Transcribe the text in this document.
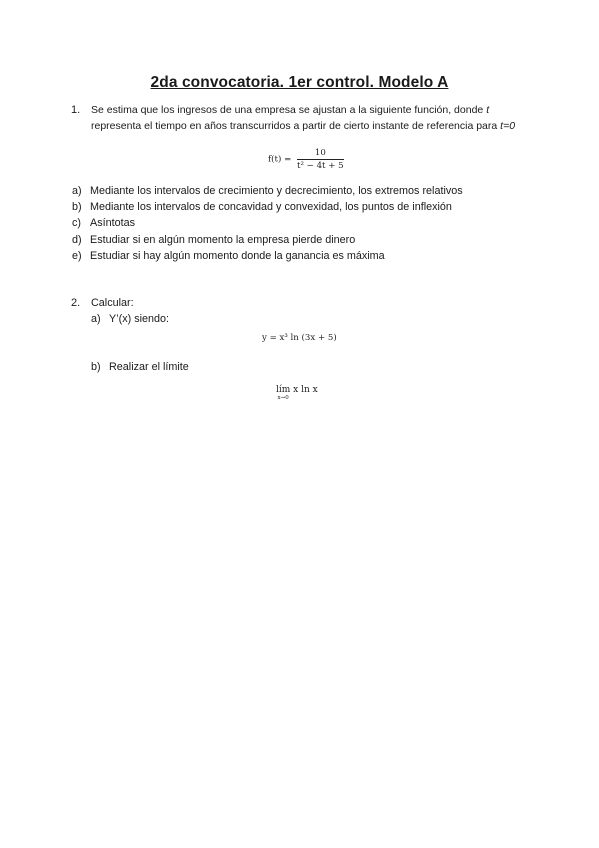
2da convocatoria. 1er control. Modelo A
1. Se estima que los ingresos de una empresa se ajustan a la siguiente función, donde t
representa el tiempo en años transcurridos a partir de cierto instante de referencia para t=0
$f(t) = \frac{10}{\text{t² − 4t + 5}}$
a) Mediante los intervalos de crecimiento y decrecimiento, los extremos relativos
b) Mediante los intervalos de concavidad y convexidad, los puntos de inflexión
c) Asíntotas
d) Estudiar si en algún momento la empresa pierde dinero
e) Estudiar si hay algún momento donde la ganancia es máxima
2. Calcular:
a) Y’(x) siendo:
y = x³ ln (3x + 5)
b) Realizar el límite
lím
x→0
x ln x
